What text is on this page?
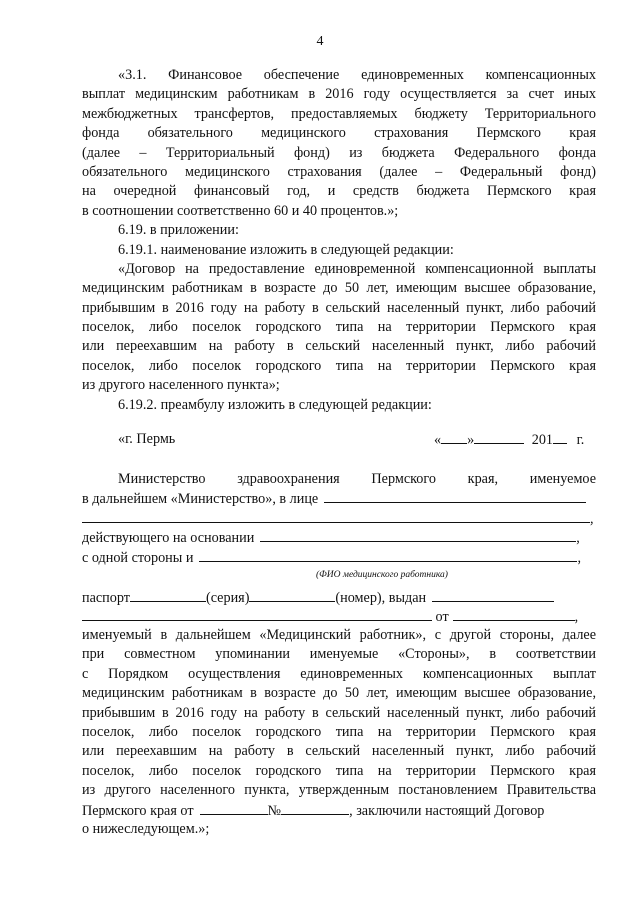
4
«3.1. Финансовое обеспечение единовременных компенсационных
выплат медицинским работникам в 2016 году осуществляется за счет иных
межбюджетных трансфертов, предоставляемых бюджету Территориального
фонда обязательного медицинского страхования Пермского края
(далее – Территориальный фонд) из бюджета Федерального фонда
обязательного медицинского страхования (далее – Федеральный фонд)
на очередной финансовый год, и средств бюджета Пермского края
в соотношении соответственно 60 и 40 процентов.»;
6.19. в приложении:
6.19.1. наименование изложить в следующей редакции:
«Договор на предоставление единовременной компенсационной выплаты
медицинским работникам в возрасте до 50 лет, имеющим высшее образование,
прибывшим в 2016 году на работу в сельский населенный пункт, либо рабочий
поселок, либо поселок городского типа на территории Пермского края
или переехавшим на работу в сельский населенный пункт, либо рабочий
поселок, либо поселок городского типа на территории Пермского края
из другого населенного пункта»;
6.19.2. преамбулу изложить в следующей редакции:
«г. Пермь	« »	201 г.
Министерство здравоохранения Пермского края, именуемое
в дальнейшем «Министерство», в лице
,
действующего на основании	,
с одной стороны и	,
(ФИО медицинского работника)
паспорт	(серия)	(номер), выдан
от	,
именуемый в дальнейшем «Медицинский работник», с другой стороны, далее
при совместном упоминании именуемые «Стороны», в соответствии
с Порядком осуществления единовременных компенсационных выплат
медицинским работникам в возрасте до 50 лет, имеющим высшее образование,
прибывшим в 2016 году на работу в сельский населенный пункт, либо рабочий
поселок, либо поселок городского типа на территории Пермского края
или переехавшим на работу в сельский населенный пункт, либо рабочий
поселок, либо поселок городского типа на территории Пермского края
из другого населенного пункта, утвержденным постановлением Правительства
Пермского края от	№	, заключили настоящий Договор
о нижеследующем.»;
